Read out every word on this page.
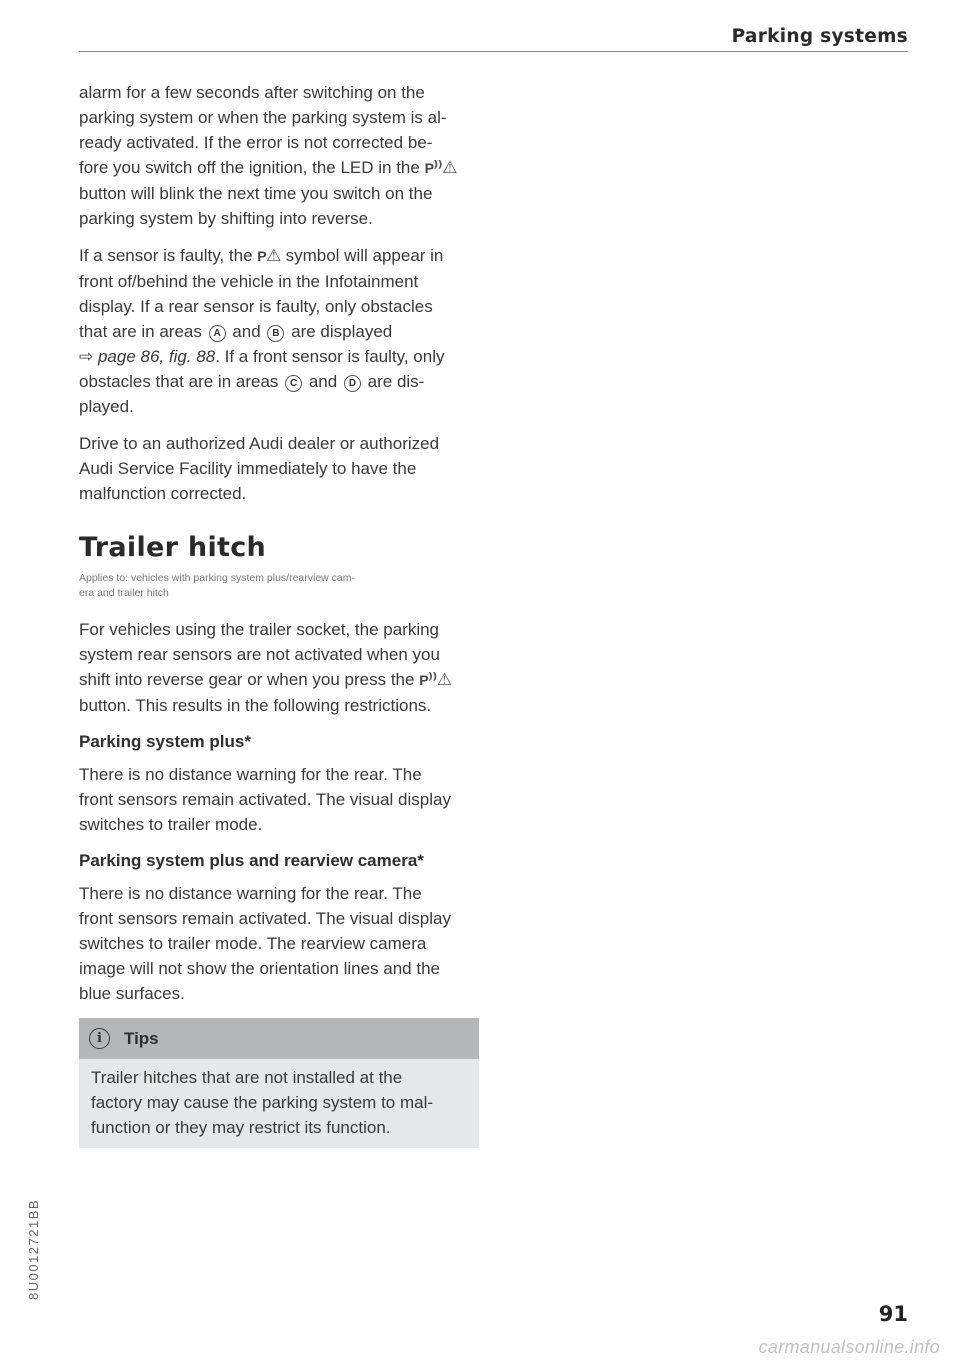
Parking systems

alarm for a few seconds after switching on the
parking system or when the parking system is al-
ready activated. If the error is not corrected be-
fore you switch off the ignition, the LED in the P⁾⁾⚠
button will blink the next time you switch on the
parking system by shifting into reverse.

If a sensor is faulty, the P⚠ symbol will appear in
front of/behind the vehicle in the Infotainment
display. If a rear sensor is faulty, only obstacles
that are in areas A and B are displayed
⇨ page 86, fig. 88. If a front sensor is faulty, only
obstacles that are in areas C and D are dis-
played.

Drive to an authorized Audi dealer or authorized
Audi Service Facility immediately to have the
malfunction corrected.

Trailer hitch
Applies to: vehicles with parking system plus/rearview cam-
era and trailer hitch

For vehicles using the trailer socket, the parking
system rear sensors are not activated when you
shift into reverse gear or when you press the P⁾⁾⚠
button. This results in the following restrictions.

Parking system plus*

There is no distance warning for the rear. The
front sensors remain activated. The visual display
switches to trailer mode.

Parking system plus and rearview camera*

There is no distance warning for the rear. The
front sensors remain activated. The visual display
switches to trailer mode. The rearview camera
image will not show the orientation lines and the
blue surfaces.

i	Tips
Trailer hitches that are not installed at the
factory may cause the parking system to mal-
function or they may restrict its function.
8U0012721BB
91
carmanualsonline.info
